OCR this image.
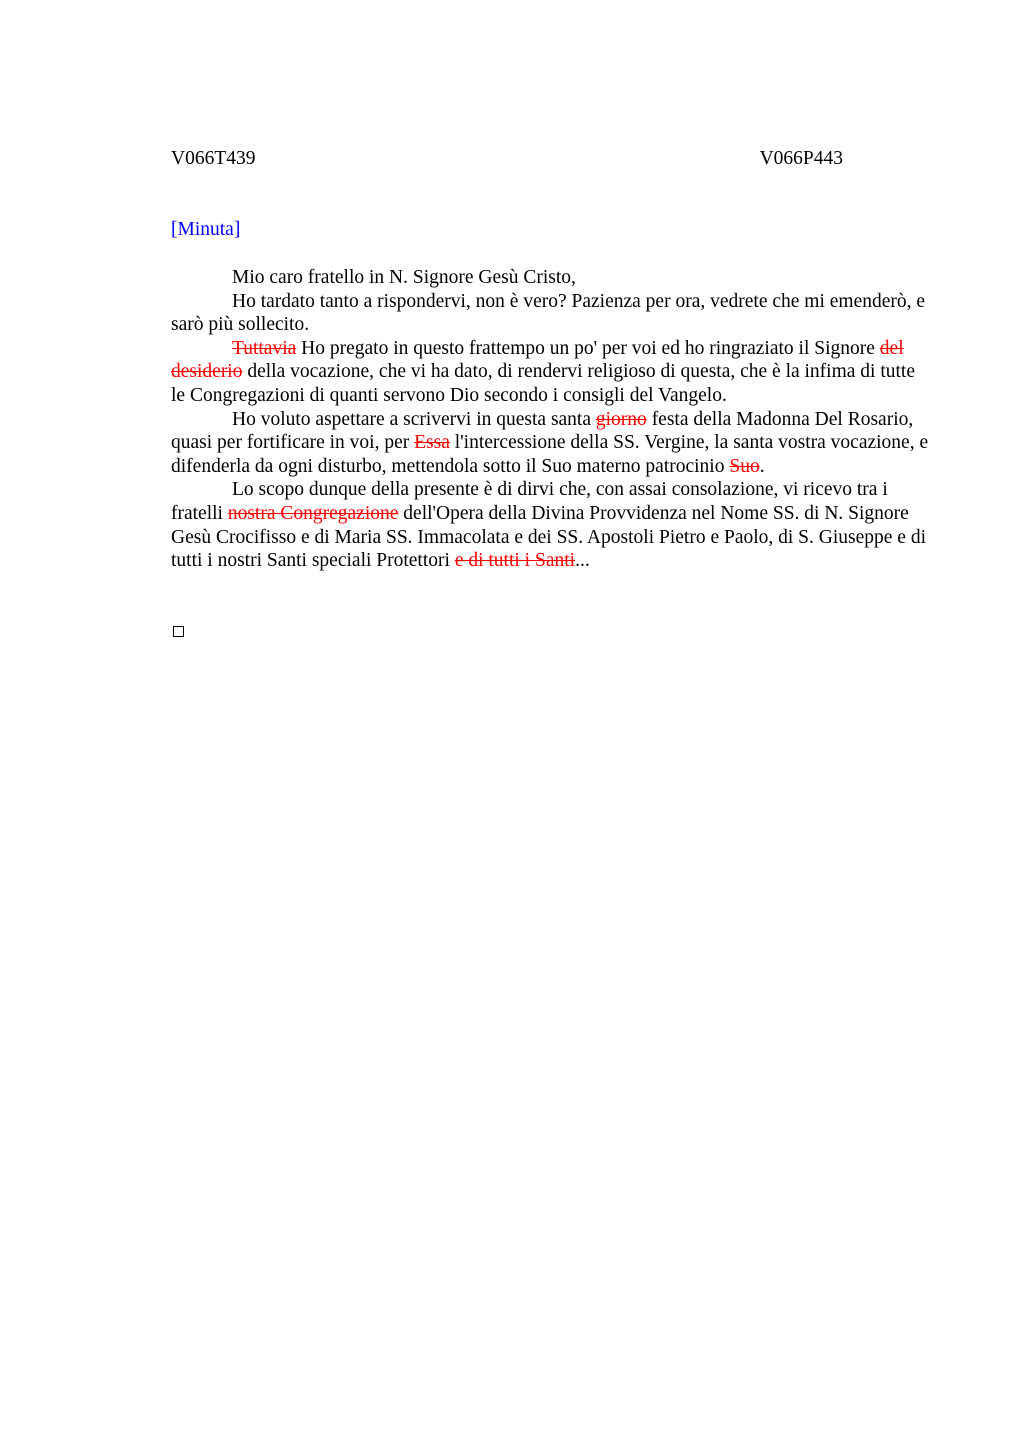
V066T439	V066P443
[Minuta]

Mio caro fratello in N. Signore Gesù Cristo,

Ho tardato tanto a rispondervi, non è vero? Pazienza per ora, vedrete che mi emenderò, e sarò più sollecito.

Tuttavia Ho pregato in questo frattempo un po' per voi ed ho ringraziato il Signore del desiderio della vocazione, che vi ha dato, di rendervi religioso di questa, che è la infima di tutte le Congregazioni di quanti servono Dio secondo i consigli del Vangelo.

Ho voluto aspettare a scrivervi in questa santa giorno festa della Madonna Del Rosario, quasi per fortificare in voi, per Essa l'intercessione della SS. Vergine, la santa vostra vocazione, e difenderla da ogni disturbo, mettendola sotto il Suo materno patrocinio Suo.

Lo scopo dunque della presente è di dirvi che, con assai consolazione, vi ricevo tra i fratelli nostra Congregazione dell'Opera della Divina Provvidenza nel Nome SS. di N. Signore Gesù Crocifisso e di Maria SS. Immacolata e dei SS. Apostoli Pietro e Paolo, di S. Giuseppe e di tutti i nostri Santi speciali Protettori e di tutti i Santi...
